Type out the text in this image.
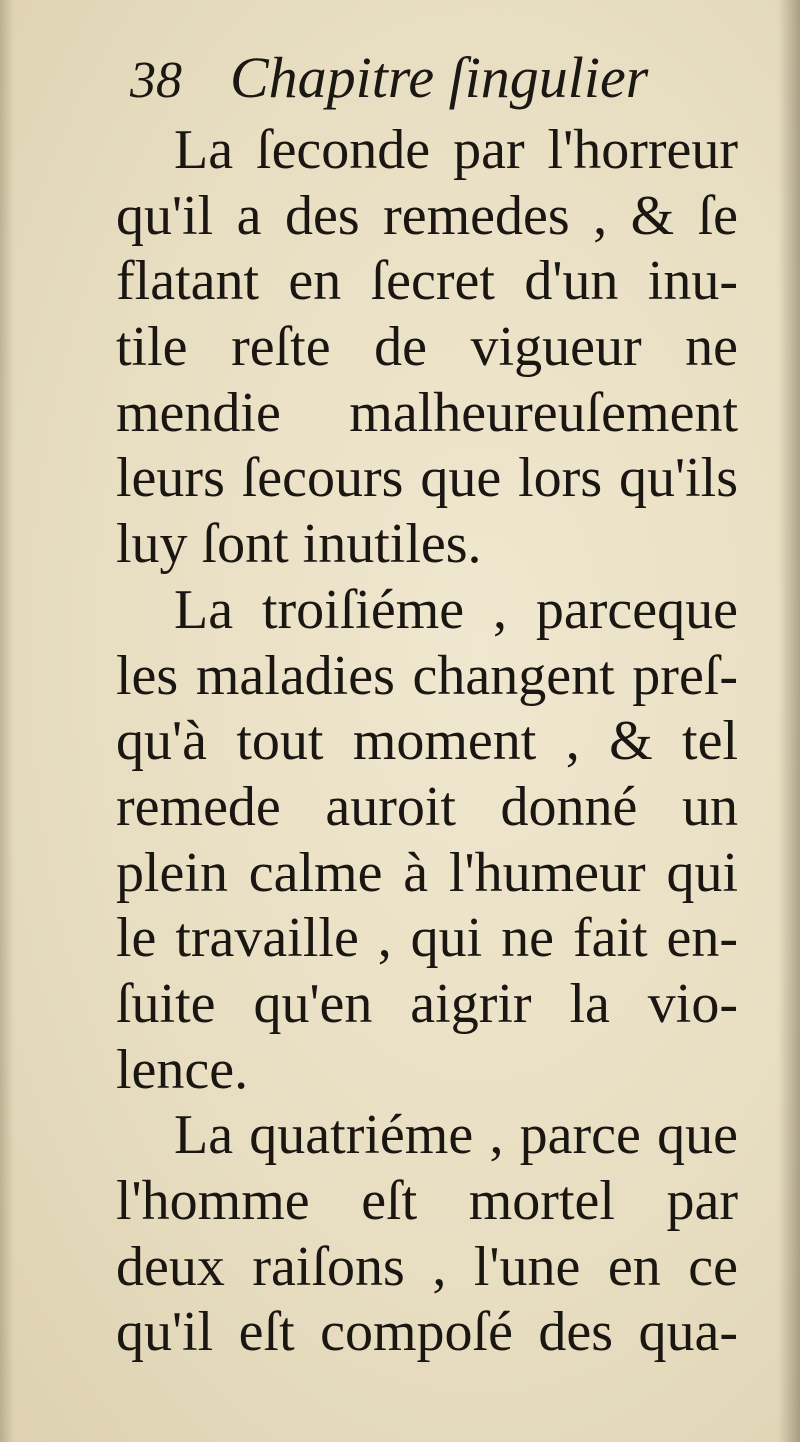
38 Chapitre ſingulier
La ſeconde par l'horreur
qu'il a des remedes , & ſe
flatant en ſecret d'un inu-
tile reſte de vigueur ne
mendie malheureuſement
leurs ſecours que lors qu'ils
luy ſont inutiles.
La troiſiéme , parceque
les maladies changent preſ-
qu'à tout moment , & tel
remede auroit donné un
plein calme à l'humeur qui
le travaille , qui ne fait en-
ſuite qu'en aigrir la vio-
lence.
La quatriéme , parce que
l'homme eſt mortel par
deux raiſons , l'une en ce
qu'il eſt compoſé des qua-
